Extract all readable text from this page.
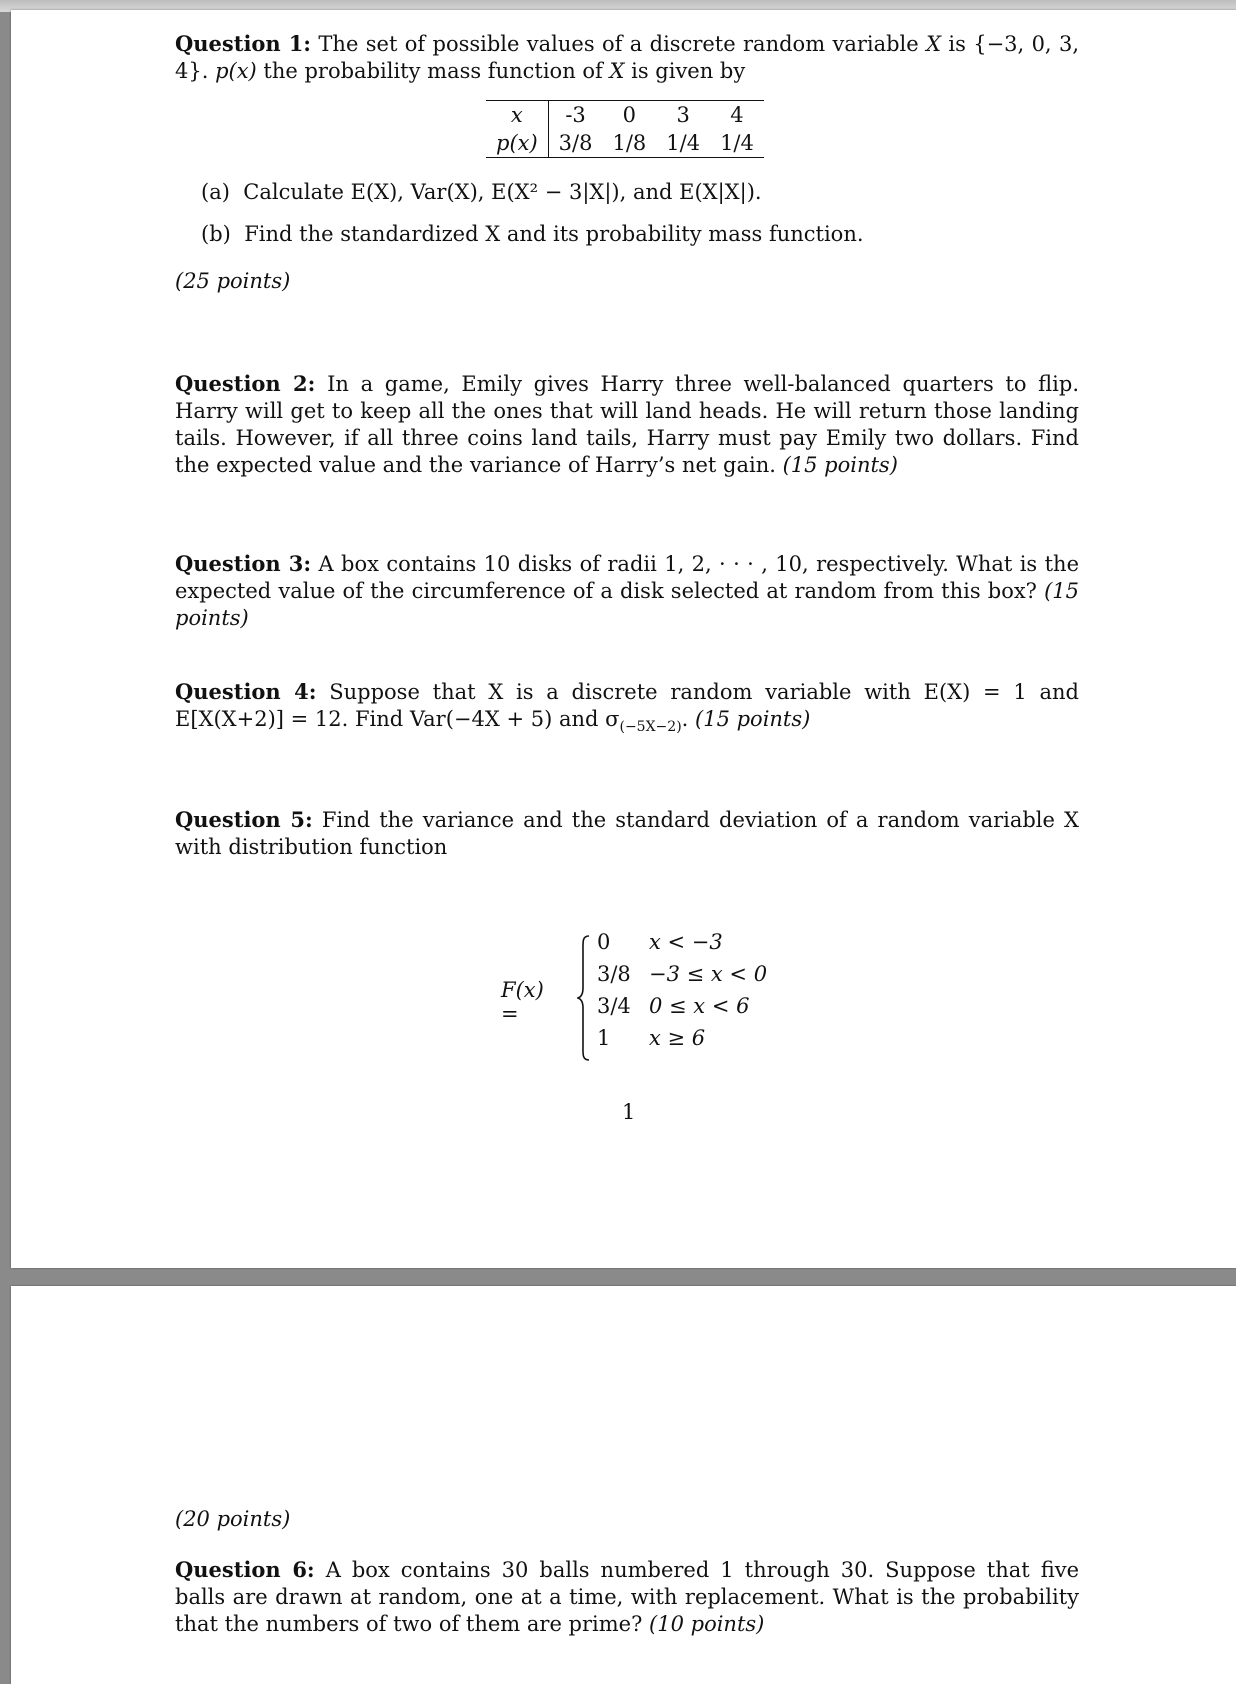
Question 1: The set of possible values of a discrete random variable X is {−3, 0, 3, 4}. p(x) the probability mass function of X is given by
x	-3	0	3	4
p(x)	3/8	1/8	1/4	1/4
(a) Calculate E(X), Var(X), E(X² − 3|X|), and E(X|X|).
(b) Find the standardized X and its probability mass function.
(25 points)
Question 2: In a game, Emily gives Harry three well-balanced quarters to flip. Harry will get to keep all the ones that will land heads. He will return those landing tails. However, if all three coins land tails, Harry must pay Emily two dollars. Find the expected value and the variance of Harry’s net gain. (15 points)
Question 3: A box contains 10 disks of radii 1, 2, · · · , 10, respectively. What is the expected value of the circumference of a disk selected at random from this box? (15 points)
Question 4: Suppose that X is a discrete random variable with E(X) = 1 and E[X(X+2)] = 12. Find Var(−4X + 5) and $\sigma_{(-5X-2)}$. (15 points)
Question 5: Find the variance and the standard deviation of a random variable X with distribution function
F(x) =
0 x < −3
3/8 −3 ≤ x < 0
3/4 0 ≤ x < 6
1 x ≥ 6
1
(20 points)
Question 6: A box contains 30 balls numbered 1 through 30. Suppose that five balls are drawn at random, one at a time, with replacement. What is the probability that the numbers of two of them are prime? (10 points)
